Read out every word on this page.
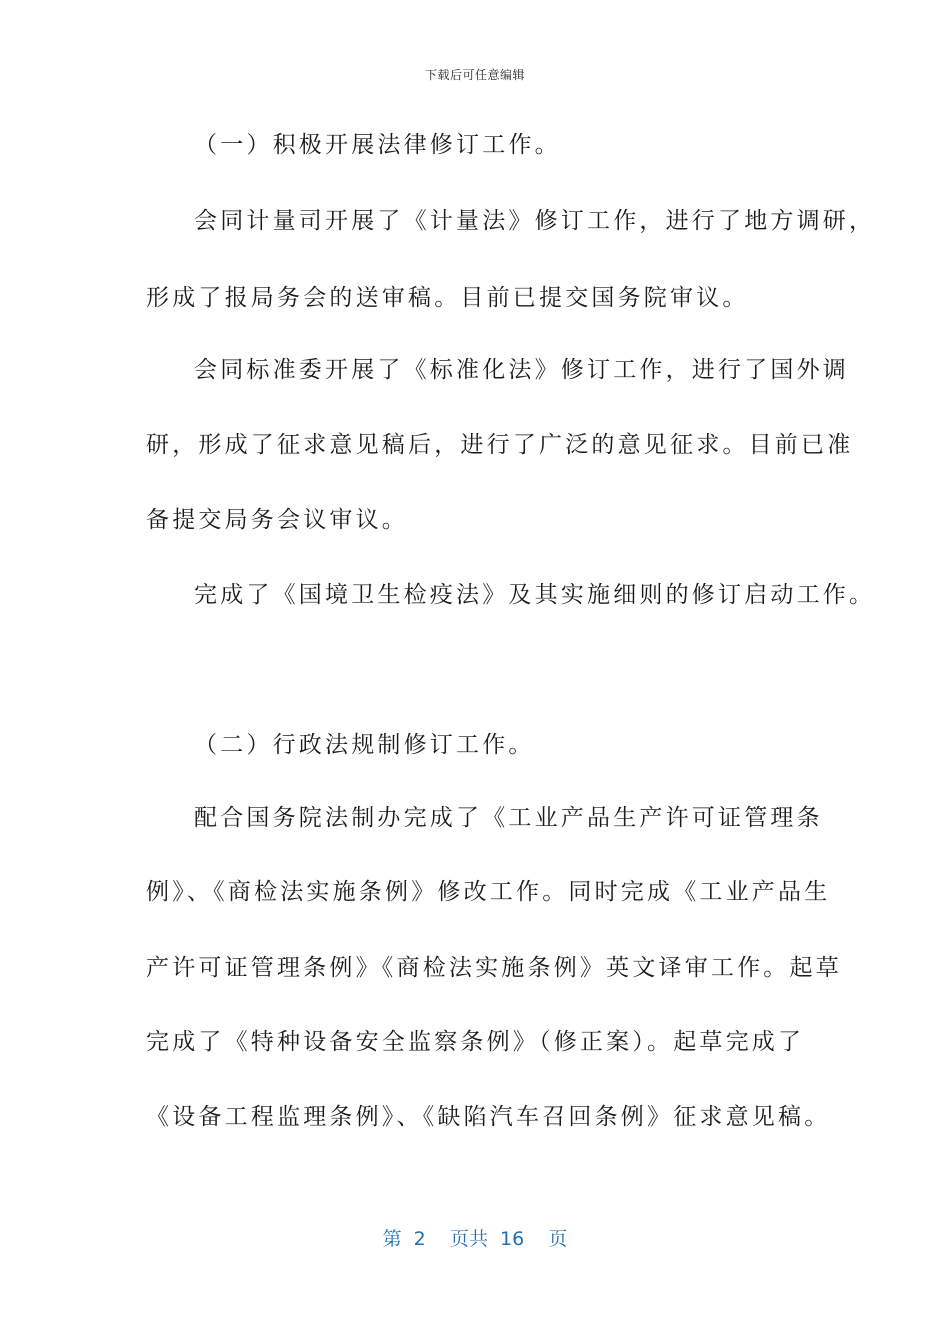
下载后可任意编辑
（一）积极开展法律修订工作。
会同计量司开展了《计量法》修订工作，进行了地方调研，
形成了报局务会的送审稿。目前已提交国务院审议。
会同标准委开展了《标准化法》修订工作，进行了国外调
研，形成了征求意见稿后，进行了广泛的意见征求。目前已准
备提交局务会议审议。
完成了《国境卫生检疫法》及其实施细则的修订启动工作。
（二）行政法规制修订工作。
配合国务院法制办完成了《工业产品生产许可证管理条
例》、《商检法实施条例》修改工作。同时完成《工业产品生
产许可证管理条例》《商检法实施条例》英文译审工作。起草
完成了《特种设备安全监察条例》（修正案）。起草完成了
《设备工程监理条例》、《缺陷汽车召回条例》征求意见稿。
第 2 页共 16 页
